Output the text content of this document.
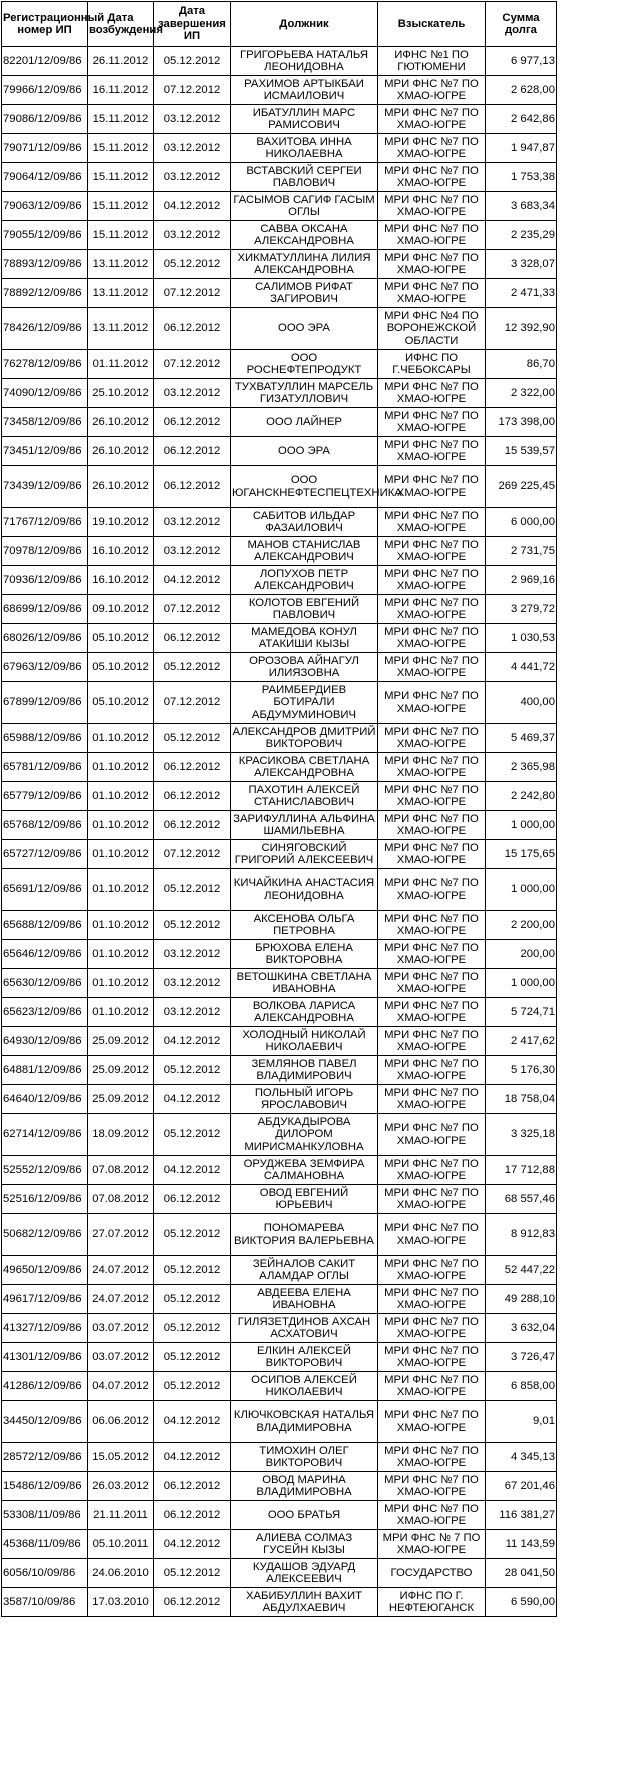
Регистрационный номер ИП	Дата возбуждения	Дата завершения ИП	Должник	Взыскатель	Сумма долга
82201/12/09/86	26.11.2012	05.12.2012	ГРИГОРЬЕВА НАТАЛЬЯ ЛЕОНИДОВНА	ИФНС №1 ПО ГЮТЮМЕНИ	6 977,13
79966/12/09/86	16.11.2012	07.12.2012	РАХИМОВ АРТЫКБАИ ИСМАИЛОВИЧ	МРИ ФНС №7 ПО ХМАО-ЮГРЕ	2 628,00
79086/12/09/86	15.11.2012	03.12.2012	ИБАТУЛЛИН МАРС РАМИСОВИЧ	МРИ ФНС №7 ПО ХМАО-ЮГРЕ	2 642,86
79071/12/09/86	15.11.2012	03.12.2012	ВАХИТОВА ИННА НИКОЛАЕВНА	МРИ ФНС №7 ПО ХМАО-ЮГРЕ	1 947,87
79064/12/09/86	15.11.2012	03.12.2012	ВСТАВСКИЙ СЕРГЕИ ПАВЛОВИЧ	МРИ ФНС №7 ПО ХМАО-ЮГРЕ	1 753,38
79063/12/09/86	15.11.2012	04.12.2012	ГАСЫМОВ САГИФ ГАСЫМ ОГЛЫ	МРИ ФНС №7 ПО ХМАО-ЮГРЕ	3 683,34
79055/12/09/86	15.11.2012	03.12.2012	САВВА ОКСАНА АЛЕКСАНДРОВНА	МРИ ФНС №7 ПО ХМАО-ЮГРЕ	2 235,29
78893/12/09/86	13.11.2012	05.12.2012	ХИКМАТУЛЛИНА ЛИЛИЯ АЛЕКСАНДРОВНА	МРИ ФНС №7 ПО ХМАО-ЮГРЕ	3 328,07
78892/12/09/86	13.11.2012	07.12.2012	САЛИМОВ РИФАТ ЗАГИРОВИЧ	МРИ ФНС №7 ПО ХМАО-ЮГРЕ	2 471,33
78426/12/09/86	13.11.2012	06.12.2012	ООО ЭРА	МРИ ФНС №4 ПО ВОРОНЕЖСКОЙ ОБЛАСТИ	12 392,90
76278/12/09/86	01.11.2012	07.12.2012	ООО РОСНЕФТЕПРОДУКТ	ИФНС ПО Г.ЧЕБОКСАРЫ	86,70
74090/12/09/86	25.10.2012	03.12.2012	ТУХВАТУЛЛИН МАРСЕЛЬ ГИЗАТУЛЛОВИЧ	МРИ ФНС №7 ПО ХМАО-ЮГРЕ	2 322,00
73458/12/09/86	26.10.2012	06.12.2012	ООО ЛАЙНЕР	МРИ ФНС №7 ПО ХМАО-ЮГРЕ	173 398,00
73451/12/09/86	26.10.2012	06.12.2012	ООО ЭРА	МРИ ФНС №7 ПО ХМАО-ЮГРЕ	15 539,57
73439/12/09/86	26.10.2012	06.12.2012	ООО ЮГАНСКНЕФТЕСПЕЦТЕХНИКА	МРИ ФНС №7 ПО ХМАО-ЮГРЕ	269 225,45
71767/12/09/86	19.10.2012	03.12.2012	САБИТОВ ИЛЬДАР ФАЗАИЛОВИЧ	МРИ ФНС №7 ПО ХМАО-ЮГРЕ	6 000,00
70978/12/09/86	16.10.2012	03.12.2012	МАНОВ СТАНИСЛАВ АЛЕКСАНДРОВИЧ	МРИ ФНС №7 ПО ХМАО-ЮГРЕ	2 731,75
70936/12/09/86	16.10.2012	04.12.2012	ЛОПУХОВ ПЕТР АЛЕКСАНДРОВИЧ	МРИ ФНС №7 ПО ХМАО-ЮГРЕ	2 969,16
68699/12/09/86	09.10.2012	07.12.2012	КОЛОТОВ ЕВГЕНИЙ ПАВЛОВИЧ	МРИ ФНС №7 ПО ХМАО-ЮГРЕ	3 279,72
68026/12/09/86	05.10.2012	06.12.2012	МАМЕДОВА КОНУЛ АТАКИШИ КЫЗЫ	МРИ ФНС №7 ПО ХМАО-ЮГРЕ	1 030,53
67963/12/09/86	05.10.2012	05.12.2012	ОРОЗОВА АЙНАГУЛ ИЛИЯЗОВНА	МРИ ФНС №7 ПО ХМАО-ЮГРЕ	4 441,72
67899/12/09/86	05.10.2012	07.12.2012	РАИМБЕРДИЕВ БОТИРАЛИ АБДУМУМИНОВИЧ	МРИ ФНС №7 ПО ХМАО-ЮГРЕ	400,00
65988/12/09/86	01.10.2012	05.12.2012	АЛЕКСАНДРОВ ДМИТРИЙ ВИКТОРОВИЧ	МРИ ФНС №7 ПО ХМАО-ЮГРЕ	5 469,37
65781/12/09/86	01.10.2012	06.12.2012	КРАСИКОВА СВЕТЛАНА АЛЕКСАНДРОВНА	МРИ ФНС №7 ПО ХМАО-ЮГРЕ	2 365,98
65779/12/09/86	01.10.2012	06.12.2012	ПАХОТИН АЛЕКСЕЙ СТАНИСЛАВОВИЧ	МРИ ФНС №7 ПО ХМАО-ЮГРЕ	2 242,80
65768/12/09/86	01.10.2012	06.12.2012	ЗАРИФУЛЛИНА АЛЬФИНА ШАМИЛЬЕВНА	МРИ ФНС №7 ПО ХМАО-ЮГРЕ	1 000,00
65727/12/09/86	01.10.2012	07.12.2012	СИНЯГОВСКИЙ ГРИГОРИЙ АЛЕКСЕЕВИЧ	МРИ ФНС №7 ПО ХМАО-ЮГРЕ	15 175,65
65691/12/09/86	01.10.2012	05.12.2012	КИЧАЙКИНА АНАСТАСИЯ ЛЕОНИДОВНА	МРИ ФНС №7 ПО ХМАО-ЮГРЕ	1 000,00
65688/12/09/86	01.10.2012	05.12.2012	АКСЕНОВА ОЛЬГА ПЕТРОВНА	МРИ ФНС №7 ПО ХМАО-ЮГРЕ	2 200,00
65646/12/09/86	01.10.2012	03.12.2012	БРЮХОВА ЕЛЕНА ВИКТОРОВНА	МРИ ФНС №7 ПО ХМАО-ЮГРЕ	200,00
65630/12/09/86	01.10.2012	03.12.2012	ВЕТОШКИНА СВЕТЛАНА ИВАНОВНА	МРИ ФНС №7 ПО ХМАО-ЮГРЕ	1 000,00
65623/12/09/86	01.10.2012	03.12.2012	ВОЛКОВА ЛАРИСА АЛЕКСАНДРОВНА	МРИ ФНС №7 ПО ХМАО-ЮГРЕ	5 724,71
64930/12/09/86	25.09.2012	04.12.2012	ХОЛОДНЫЙ НИКОЛАЙ НИКОЛАЕВИЧ	МРИ ФНС №7 ПО ХМАО-ЮГРЕ	2 417,62
64881/12/09/86	25.09.2012	05.12.2012	ЗЕМЛЯНОВ ПАВЕЛ ВЛАДИМИРОВИЧ	МРИ ФНС №7 ПО ХМАО-ЮГРЕ	5 176,30
64640/12/09/86	25.09.2012	04.12.2012	ПОЛЬНЫЙ ИГОРЬ ЯРОСЛАВОВИЧ	МРИ ФНС №7 ПО ХМАО-ЮГРЕ	18 758,04
62714/12/09/86	18.09.2012	05.12.2012	АБДУКАДЫРОВА ДИЛОРОМ МИРИСМАНКУЛОВНА	МРИ ФНС №7 ПО ХМАО-ЮГРЕ	3 325,18
52552/12/09/86	07.08.2012	04.12.2012	ОРУДЖЕВА ЗЕМФИРА САЛМАНОВНА	МРИ ФНС №7 ПО ХМАО-ЮГРЕ	17 712,88
52516/12/09/86	07.08.2012	06.12.2012	ОВОД ЕВГЕНИЙ ЮРЬЕВИЧ	МРИ ФНС №7 ПО ХМАО-ЮГРЕ	68 557,46
50682/12/09/86	27.07.2012	05.12.2012	ПОНОМАРЕВА ВИКТОРИЯ ВАЛЕРЬЕВНА	МРИ ФНС №7 ПО ХМАО-ЮГРЕ	8 912,83
49650/12/09/86	24.07.2012	05.12.2012	ЗЕЙНАЛОВ САКИТ АЛАМДАР ОГЛЫ	МРИ ФНС №7 ПО ХМАО-ЮГРЕ	52 447,22
49617/12/09/86	24.07.2012	05.12.2012	АВДЕЕВА ЕЛЕНА ИВАНОВНА	МРИ ФНС №7 ПО ХМАО-ЮГРЕ	49 288,10
41327/12/09/86	03.07.2012	05.12.2012	ГИЛЯЗЕТДИНОВ АХСАН АСХАТОВИЧ	МРИ ФНС №7 ПО ХМАО-ЮГРЕ	3 632,04
41301/12/09/86	03.07.2012	05.12.2012	ЕЛКИН АЛЕКСЕЙ ВИКТОРОВИЧ	МРИ ФНС №7 ПО ХМАО-ЮГРЕ	3 726,47
41286/12/09/86	04.07.2012	05.12.2012	ОСИПОВ АЛЕКСЕЙ НИКОЛАЕВИЧ	МРИ ФНС №7 ПО ХМАО-ЮГРЕ	6 858,00
34450/12/09/86	06.06.2012	04.12.2012	КЛЮЧКОВСКАЯ НАТАЛЬЯ ВЛАДИМИРОВНА	МРИ ФНС №7 ПО ХМАО-ЮГРЕ	9,01
28572/12/09/86	15.05.2012	04.12.2012	ТИМОХИН ОЛЕГ ВИКТОРОВИЧ	МРИ ФНС №7 ПО ХМАО-ЮГРЕ	4 345,13
15486/12/09/86	26.03.2012	06.12.2012	ОВОД МАРИНА ВЛАДИМИРОВНА	МРИ ФНС №7 ПО ХМАО-ЮГРЕ	67 201,46
53308/11/09/86	21.11.2011	06.12.2012	ООО БРАТЬЯ	МРИ ФНС №7 ПО ХМАО-ЮГРЕ	116 381,27
45368/11/09/86	05.10.2011	04.12.2012	АЛИЕВА СОЛМАЗ ГУСЕЙН КЫЗЫ	МРИ ФНС № 7 ПО ХМАО-ЮГРЕ	11 143,59
6056/10/09/86	24.06.2010	05.12.2012	КУДАШОВ ЭДУАРД АЛЕКСЕЕВИЧ	ГОСУДАРСТВО	28 041,50
3587/10/09/86	17.03.2010	06.12.2012	ХАБИБУЛЛИН ВАХИТ АБДУЛХАЕВИЧ	ИФНС ПО Г. НЕФТЕЮГАНСК	6 590,00
